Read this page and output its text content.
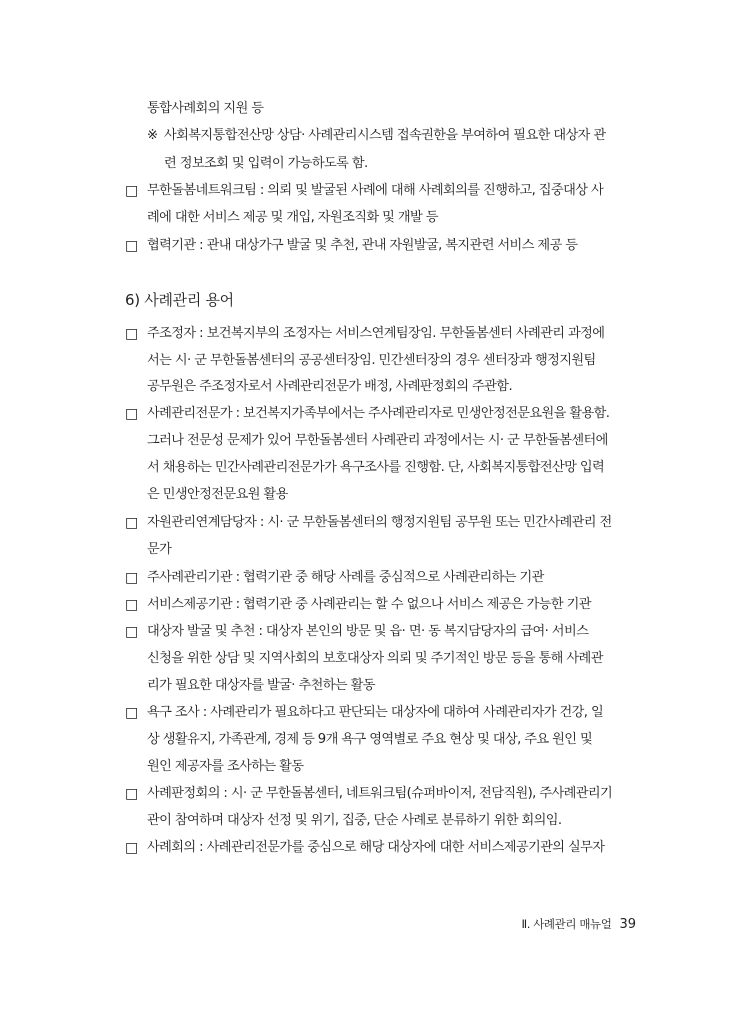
통합사례회의 지원 등
※ 사회복지통합전산망 상담· 사례관리시스템 접속권한을 부여하여 필요한 대상자 관
련 정보조회 및 입력이 가능하도록 함.
□ 무한돌봄네트워크팀 : 의뢰 및 발굴된 사례에 대해 사례회의를 진행하고, 집중대상 사
례에 대한 서비스 제공 및 개입, 자원조직화 및 개발 등
□ 협력기관 : 관내 대상가구 발굴 및 추천, 관내 자원발굴, 복지관련 서비스 제공 등
6) 사례관리 용어
□ 주조정자 : 보건복지부의 조정자는 서비스연계팀장임. 무한돌봄센터 사례관리 과정에
서는 시· 군 무한돌봄센터의 공공센터장임. 민간센터장의 경우 센터장과 행정지원팀
공무원은 주조정자로서 사례관리전문가 배정, 사례판정회의 주관함.
□ 사례관리전문가 : 보건복지가족부에서는 주사례관리자로 민생안정전문요원을 활용함.
그러나 전문성 문제가 있어 무한돌봄센터 사례관리 과정에서는 시· 군 무한돌봄센터에
서 채용하는 민간사례관리전문가가 욕구조사를 진행함. 단, 사회복지통합전산망 입력
은 민생안정전문요원 활용
□ 자원관리연계담당자 : 시· 군 무한돌봄센터의 행정지원팀 공무원 또는 민간사례관리 전
문가
□ 주사례관리기관 : 협력기관 중 해당 사례를 중심적으로 사례관리하는 기관
□ 서비스제공기관 : 협력기관 중 사례관리는 할 수 없으나 서비스 제공은 가능한 기관
□ 대상자 발굴 및 추천 : 대상자 본인의 방문 및 읍· 면· 동 복지담당자의 급여· 서비스
신청을 위한 상담 및 지역사회의 보호대상자 의뢰 및 주기적인 방문 등을 통해 사례관
리가 필요한 대상자를 발굴· 추천하는 활동
□ 욕구 조사 : 사례관리가 필요하다고 판단되는 대상자에 대하여 사례관리자가 건강, 일
상 생활유지, 가족관계, 경제 등 9개 욕구 영역별로 주요 현상 및 대상, 주요 원인 및
원인 제공자를 조사하는 활동
□ 사례판정회의 : 시· 군 무한돌봄센터, 네트워크팀(슈퍼바이저, 전담직원), 주사례관리기
관이 참여하며 대상자 선정 및 위기, 집중, 단순 사례로 분류하기 위한 회의임.
□ 사례회의 : 사례관리전문가를 중심으로 해당 대상자에 대한 서비스제공기관의 실무자
Ⅱ. 사례관리 매뉴얼 39
